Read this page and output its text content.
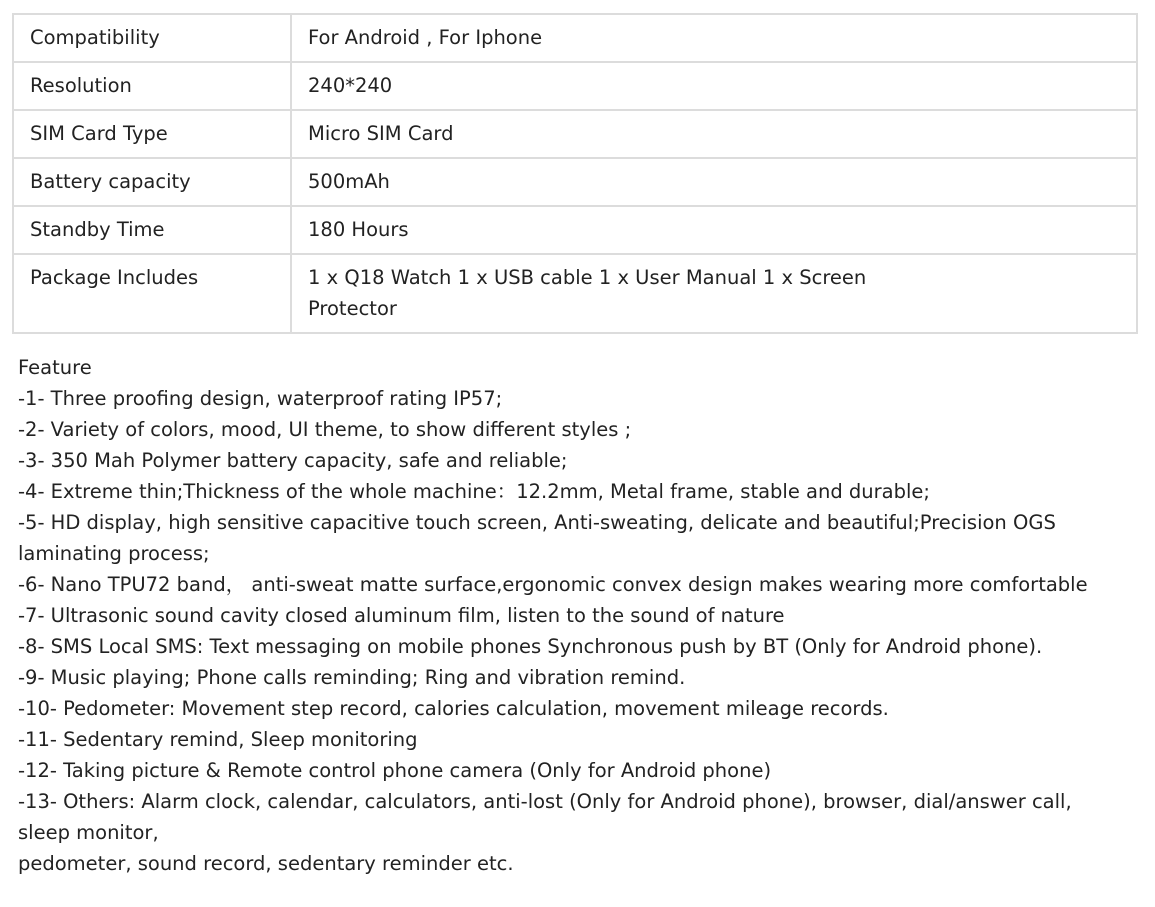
Compatibility	For Android , For Iphone
Resolution	240*240
SIM Card Type	Micro SIM Card
Battery capacity	500mAh
Standby Time	180 Hours
Package Includes	1 x Q18 Watch 1 x USB cable 1 x User Manual 1 x Screen Protector
Feature
-1- Three proofing design, waterproof rating IP57;
-2- Variety of colors, mood, UI theme, to show different styles ;
-3- 350 Mah Polymer battery capacity, safe and reliable;
-4- Extreme thin;Thickness of the whole machine：12.2mm, Metal frame, stable and durable;
-5- HD display, high sensitive capacitive touch screen, Anti-sweating, delicate and beautiful;Precision OGS laminating process;
-6- Nano TPU72 band， anti-sweat matte surface,ergonomic convex design makes wearing more comfortable
-7- Ultrasonic sound cavity closed aluminum film, listen to the sound of nature
-8- SMS Local SMS: Text messaging on mobile phones Synchronous push by BT (Only for Android phone).
-9- Music playing; Phone calls reminding; Ring and vibration remind.
-10- Pedometer: Movement step record, calories calculation, movement mileage records.
-11- Sedentary remind, Sleep monitoring
-12- Taking picture & Remote control phone camera (Only for Android phone)
-13- Others: Alarm clock, calendar, calculators, anti-lost (Only for Android phone), browser, dial/answer call, sleep monitor,
pedometer, sound record, sedentary reminder etc.
